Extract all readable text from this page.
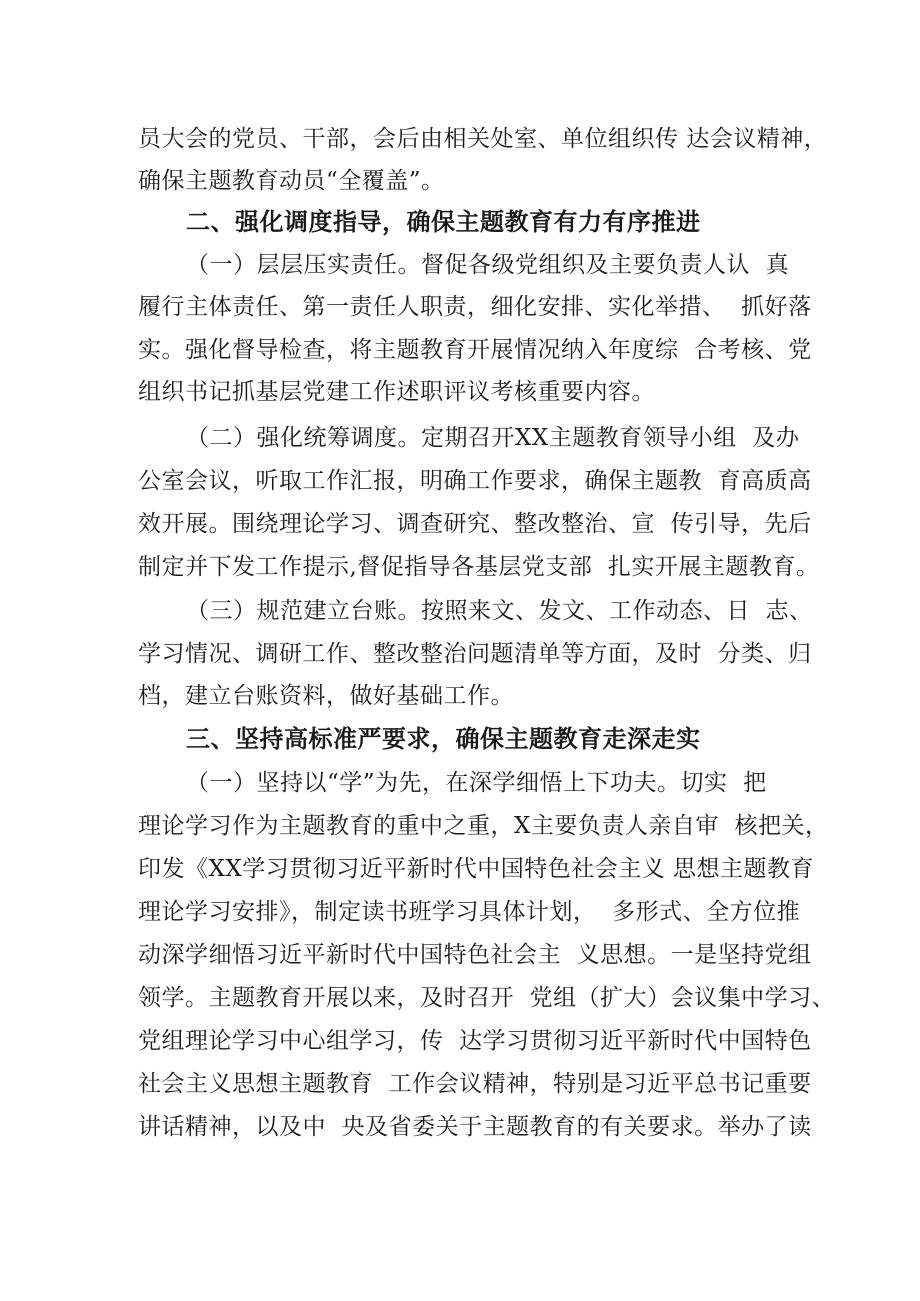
员大会的党员、干部，会后由相关处室、单位组织传 达会议精神，
确保主题教育动员“全覆盖”。
二、强化调度指导，确保主题教育有力有序推进
（一）层层压实责任。督促各级党组织及主要负责人认  真
履行主体责任、第一责任人职责，细化安排、实化举措、  抓好落
实。强化督导检查，将主题教育开展情况纳入年度综  合考核、党
组织书记抓基层党建工作述职评议考核重要内容。
（二）强化统筹调度。定期召开XX主题教育领导小组  及办
公室会议，听取工作汇报，明确工作要求，确保主题教  育高质高
效开展。围绕理论学习、调查研究、整改整治、宣  传引导，先后
制定并下发工作提示,督促指导各基层党支部  扎实开展主题教育。
（三）规范建立台账。按照来文、发文、工作动态、日  志、
学习情况、调研工作、整改整治问题清单等方面，及时  分类、归
档，建立台账资料，做好基础工作。
三、坚持高标准严要求，确保主题教育走深走实
（一）坚持以“学”为先，在深学细悟上下功夫。切实  把
理论学习作为主题教育的重中之重，X主要负责人亲自审  核把关，
印发《XX学习贯彻习近平新时代中国特色社会主义 思想主题教育
理论学习安排》，制定读书班学习具体计划，  多形式、全方位推
动深学细悟习近平新时代中国特色社会主  义思想。一是坚持党组
领学。主题教育开展以来，及时召开  党组（扩大）会议集中学习、
党组理论学习中心组学习，传  达学习贯彻习近平新时代中国特色
社会主义思想主题教育  工作会议精神，特别是习近平总书记重要
讲话精神，以及中  央及省委关于主题教育的有关要求。举办了读
